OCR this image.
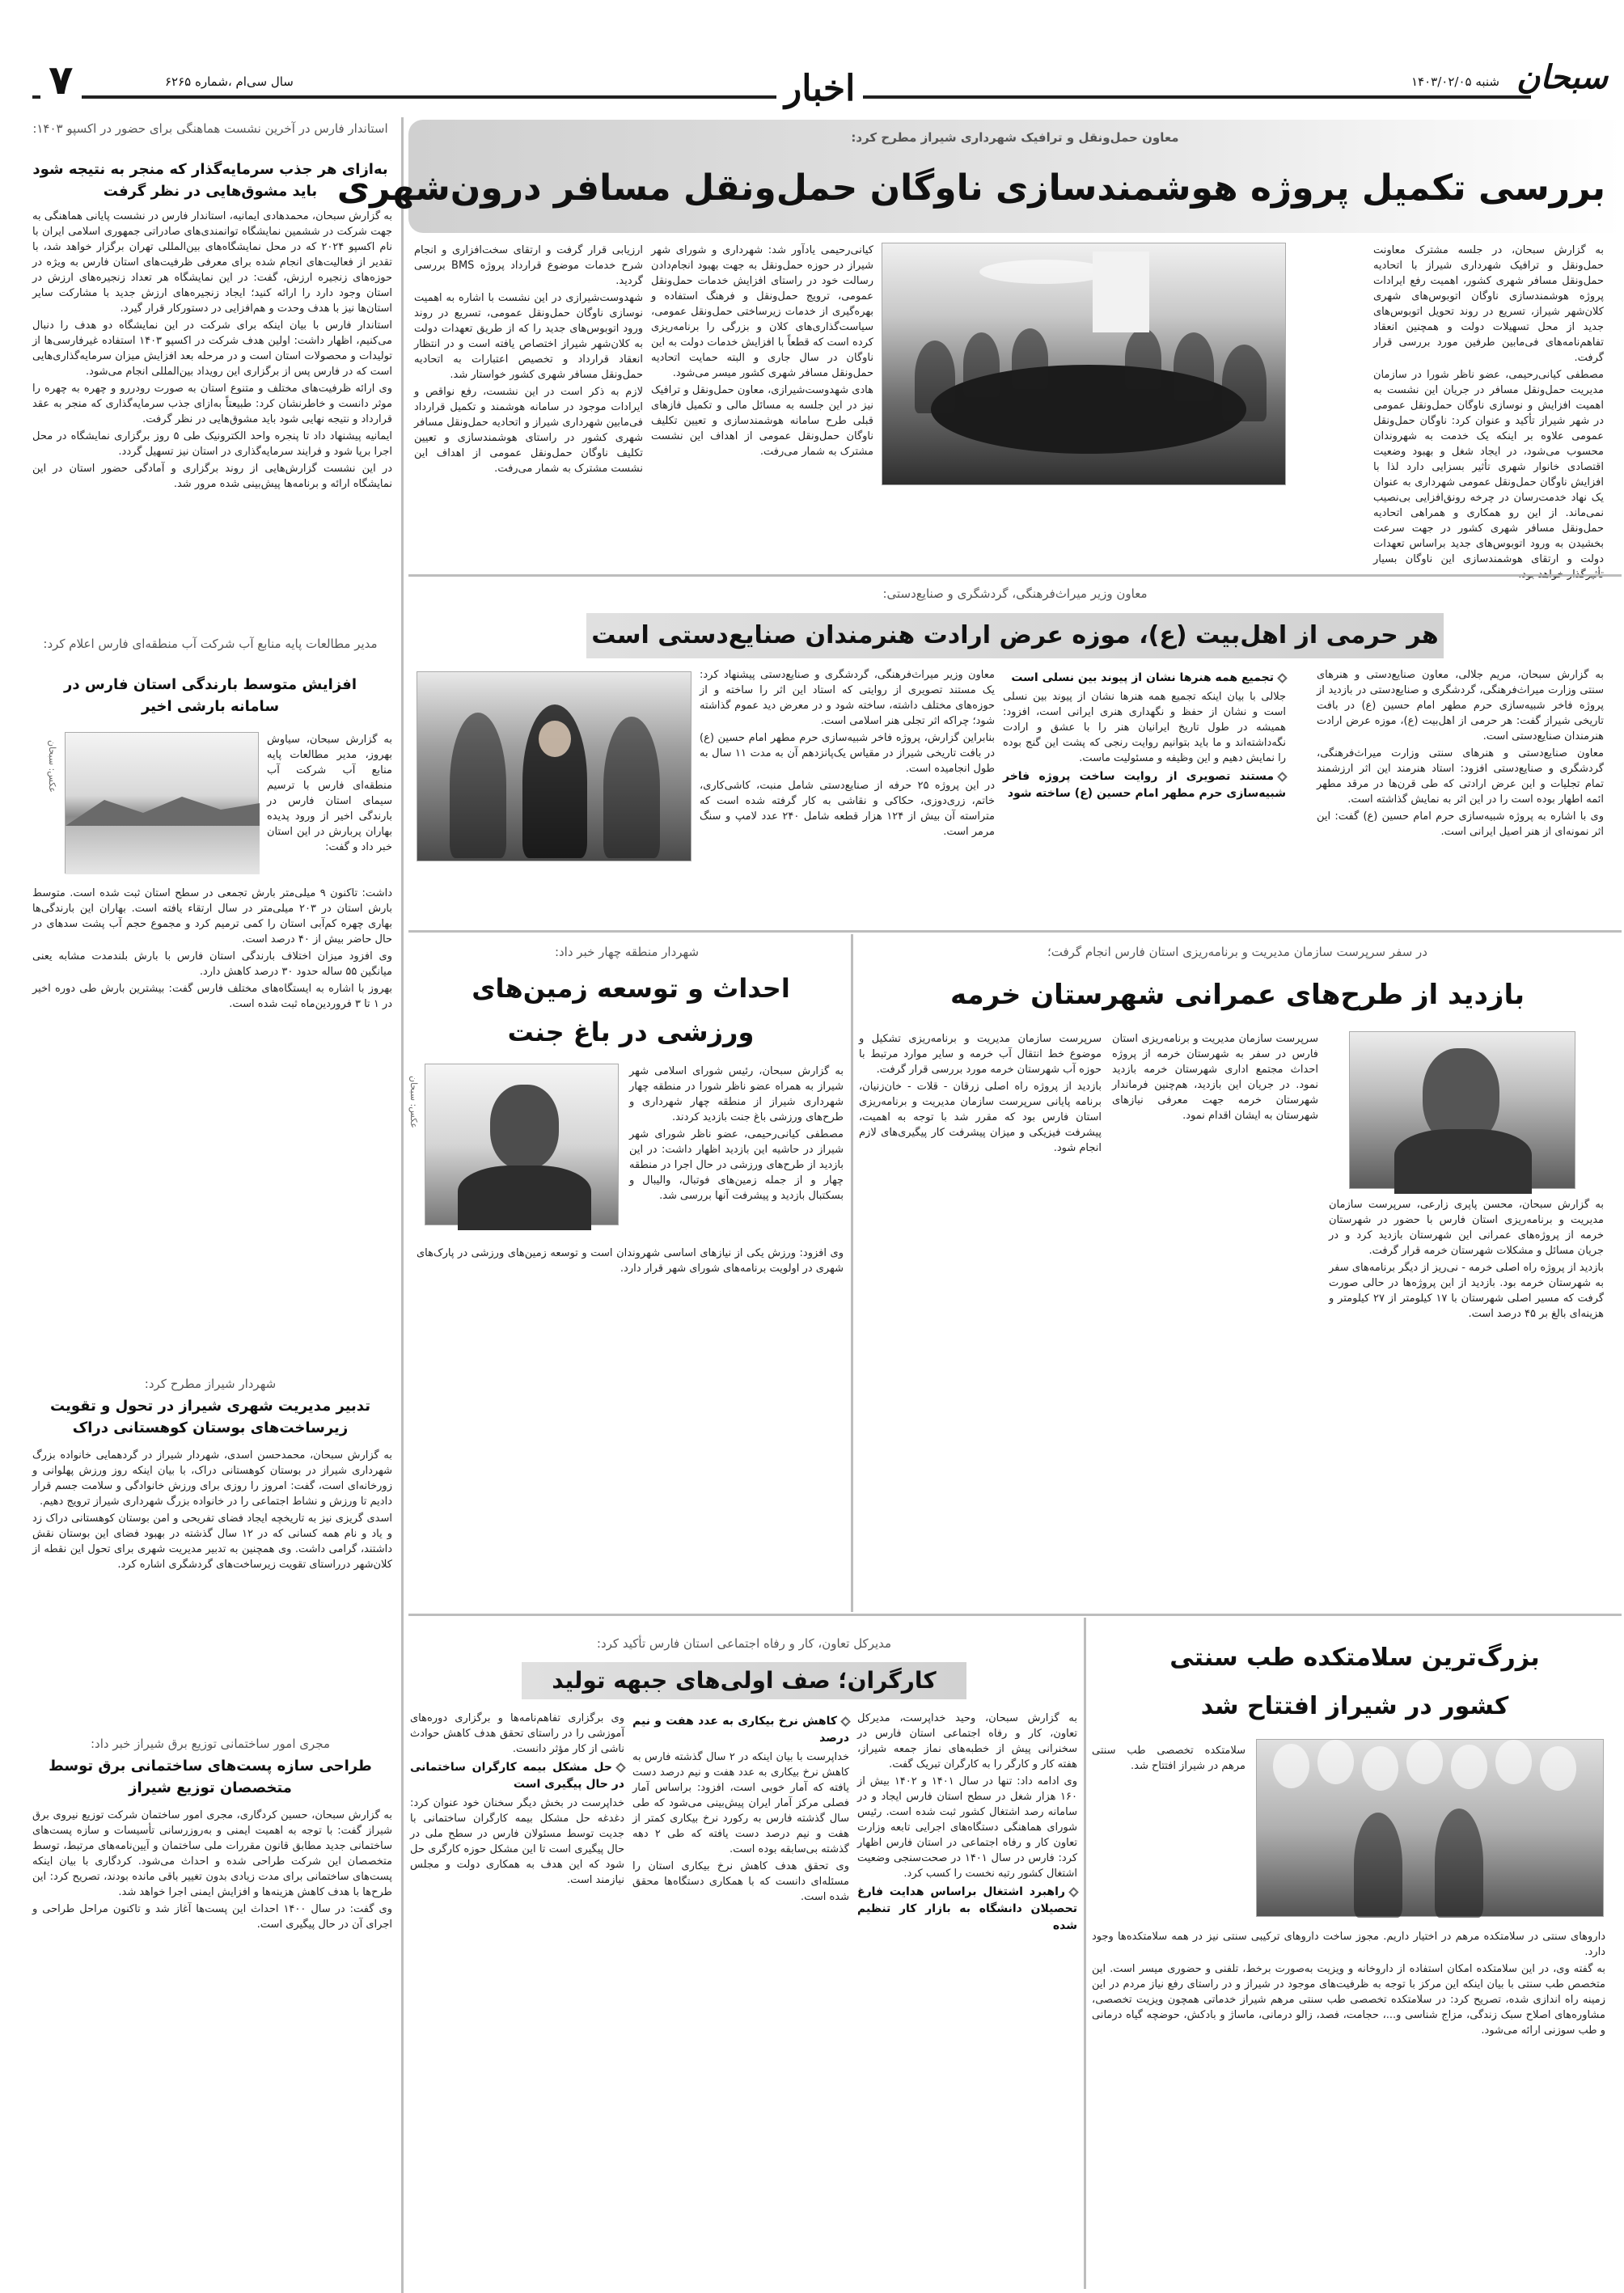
سبحان
شنبه ۱۴۰۳/۰۲/۰۵
اخبار
سال سی‌ام ،شماره ۶۲۶۵
۷
معاون حمل‌ونقل و ترافیک شهرداری شیراز مطرح کرد:
بررسی تکمیل پروژه هوشمندسازی ناوگان حمل‌ونقل مسافر درون‌شهری

به گزارش سبحان، در جلسه مشترک معاونت حمل‌ونقل و ترافیک شهرداری شیراز با اتحادیه حمل‌ونقل مسافر شهری کشور، اهمیت رفع ایرادات پروژه هوشمندسازی ناوگان اتوبوس‌های شهری کلان‌شهر شیراز، تسریع در روند تحویل اتوبوس‌های جدید از محل تسهیلات دولت و همچنین انعقاد تفاهم‌نامه‌های فی‌مابین طرفین مورد بررسی قرار گرفت.

مصطفی کیانی‌رحیمی، عضو ناظر شورا در سازمان مدیریت حمل‌ونقل مسافر در جریان این نشست به اهمیت افزایش و نوسازی ناوگان حمل‌ونقل عمومی در شهر شیراز تأکید و عنوان کرد: ناوگان حمل‌ونقل عمومی علاوه بر اینکه یک خدمت به شهروندان محسوب می‌شود، در ایجاد شغل و بهبود وضعیت اقتصادی خانوار شهری تأثیر بسزایی دارد لذا با افزایش ناوگان حمل‌ونقل عمومی شهرداری به عنوان یک نهاد خدمت‌رسان در چرخه رونق‌افزایی بی‌نصیب نمی‌ماند. از این رو همکاری و همراهی اتحادیه حمل‌ونقل مسافر شهری کشور در جهت سرعت بخشیدن به ورود اتوبوس‌های جدید براساس تعهدات دولت و ارتقای هوشمندسازی این ناوگان بسیار

کیانی‌رحیمی یادآور شد: شهرداری و شورای شهر شیراز در حوزه حمل‌ونقل به جهت بهبود انجام‌دادن رسالت خود در راستای افزایش خدمات حمل‌ونقل عمومی، ترویج حمل‌ونقل و فرهنگ استفاده و بهره‌گیری از خدمات زیرساختی حمل‌ونقل عمومی، سیاست‌گذاری‌های کلان و بزرگی را برنامه‌ریزی کرده است که قطعاً با افزایش خدمات دولت به این ناوگان در سال جاری و البته حمایت اتحادیه حمل‌ونقل مسافر شهری کشور میسر می‌شود.

هادی شهدوست‌شیرازی، معاون حمل‌ونقل و ترافیک نیز در این جلسه به مسائل مالی و تکمیل فازهای قبلی طرح سامانه هوشمندسازی و تعیین تکلیف ناوگان حمل‌ونقل عمومی از اهداف این نشست مشترک به شمار می‌رفت.

ارزیابی قرار گرفت و ارتقای سخت‌افزاری و انجام شرح خدمات موضوع قرارداد پروژه BMS بررسی گردید.

شهدوست‌شیرازی در این نشست با اشاره به اهمیت نوسازی ناوگان حمل‌ونقل عمومی، تسریع در روند ورود اتوبوس‌های جدید را که از طریق تعهدات دولت به کلان‌شهر شیراز اختصاص یافته است و در انتظار انعقاد قرارداد و تخصیص اعتبارات به اتحادیه حمل‌ونقل مسافر شهری کشور خواستار شد.

لازم به ذکر است در این نشست، رفع نواقص و ایرادات موجود در سامانه هوشمند و تکمیل قرارداد فی‌مابین شهرداری شیراز و اتحادیه حمل‌ونقل مسافر شهری کشور در راستای هوشمندسازی و تعیین تکلیف ناوگان حمل‌ونقل عمومی از اهداف این نشست مشترک به شمار می‌رفت.

معاون وزیر میراث‌فرهنگی، گردشگری و صنایع‌دستی:
هر حرمی از اهل‌بیت (ع)، موزه عرض ارادت هنرمندان صنایع‌دستی است

به گزارش سبحان، مریم جلالی، معاون صنایع‌دستی و هنرهای سنتی وزارت میراث‌فرهنگی، گردشگری و صنایع‌دستی در بازدید از پروژه فاخر شبیه‌سازی حرم مطهر امام حسین (ع) در بافت تاریخی شیراز گفت: هر حرمی از اهل‌بیت (ع)، موزه عرض ارادت هنرمندان صنایع‌دستی است.

معاون صنایع‌دستی و هنرهای سنتی وزارت میراث‌فرهنگی، گردشگری و صنایع‌دستی افزود: استاد هنرمند این اثر ارزشمند تمام تجلیات و این عرض ارادتی که طی قرن‌ها در مرقد مطهر ائمه اطهار بوده است را در این اثر به نمایش گذاشته است.

وی با اشاره به پروژه شبیه‌سازی حرم امام حسین (ع) گفت: این اثر نمونه‌ای از هنر اصیل ایرانی است.

تجمیع همه هنرها نشان از پیوند بین نسلی است

جلالی با بیان اینکه تجمیع همه هنرها نشان از پیوند بین نسلی است و نشان از حفظ و نگهداری هنری ایرانی است، افزود: همیشه در طول تاریخ ایرانیان هنر را با عشق و ارادت نگه‌داشته‌اند و ما باید بتوانیم روایت رنجی که پشت این گنج بوده را نمایش دهیم و این وظیفه و مسئولیت ماست.

مستند تصویری از روایت ساخت پروژه فاخر شبیه‌سازی حرم مطهر امام حسین (ع) ساخته شود

معاون وزیر میراث‌فرهنگی، گردشگری و صنایع‌دستی پیشنهاد کرد: یک مستند تصویری از روایتی که استاد این اثر را ساخته و از حوزه‌های مختلف داشته، ساخته شود و در معرض دید عموم گذاشته شود؛ چراکه اثر تجلی هنر اسلامی است.

بنابراین گزارش، پروژه فاخر شبیه‌سازی حرم مطهر امام حسین (ع) در بافت تاریخی شیراز در مقیاس یک‌پانزدهم آن به مدت ۱۱ سال به طول انجامیده است.

در این پروژه ۲۵ حرفه از صنایع‌دستی شامل منبت، کاشی‌کاری، خاتم، زری‌دوزی، حکاکی و نقاشی به کار گرفته شده است که متراسته آن بیش از ۱۲۴ هزار قطعه شامل ۲۴۰ عدد لامپ و سنگ مرمر است.

در سفر سرپرست سازمان مدیریت و برنامه‌ریزی استان فارس انجام گرفت؛
بازدید از طرح‌های عمرانی شهرستان خرمه

به گزارش سبحان، محسن پاپری زارعی، سرپرست سازمان مدیریت و برنامه‌ریزی استان فارس با حضور در شهرستان خرمه از پروژه‌های عمرانی این شهرستان بازدید کرد و در جریان مسائل و مشکلات شهرستان خرمه قرار گرفت.

بازدید از پروژه راه اصلی خرمه - نی‌ریز از دیگر برنامه‌های سفر به شهرستان خرمه بود. بازدید از این پروژه‌ها در حالی صورت گرفت که مسیر اصلی شهرستان با ۱۷ کیلومتر از ۲۷ کیلومتر و هزینه‌ای بالغ بر ۴۵ درصد است.

سرپرست سازمان مدیریت و برنامه‌ریزی استان فارس در سفر به شهرستان خرمه از پروژه احداث مجتمع اداری شهرستان خرمه بازدید نمود. در جریان این بازدید، هم‌چنین فرماندار شهرستان خرمه جهت معرفی نیازهای شهرستان به ایشان اقدام نمود.

سرپرست سازمان مدیریت و برنامه‌ریزی تشکیل و موضوع خط انتقال آب خرمه و سایر موارد مرتبط با حوزه آب شهرستان خرمه مورد بررسی قرار گرفت.

بازدید از پروژه راه اصلی زرقان - قلات - خان‌زنیان، برنامه پایانی سرپرست سازمان مدیریت و برنامه‌ریزی استان فارس بود که مقرر شد با توجه به اهمیت، پیشرفت فیزیکی و میزان پیشرفت کار پیگیری‌های لازم انجام شود.

شهردار منطقه چهار خبر داد:
احداث و توسعه زمین‌های ورزشی در باغ جنت
عکس: سبحان

به گزارش سبحان، رئیس شورای اسلامی شهر شیراز به همراه عضو ناظر شورا در منطقه چهار شهرداری شیراز از منطقه چهار شهرداری و طرح‌های ورزشی باغ جنت بازدید کردند.

مصطفی کیانی‌رحیمی، عضو ناظر شورای شهر شیراز در حاشیه این بازدید اظهار داشت: در این بازدید از طرح‌های ورزشی در حال اجرا در منطقه چهار و از جمله زمین‌های فوتبال، والیبال و بسکتبال بازدید و پیشرفت آنها بررسی شد.

وی افزود: ورزش یکی از نیازهای اساسی شهروندان است و توسعه زمین‌های ورزشی در پارک‌های شهری در اولویت برنامه‌های شورای شهر قرار دارد.

بزرگ‌ترین سلامتکده طب سنتی کشور در شیراز افتتاح شد

سلامتکده تخصصی طب سنتی مرهم در شیراز افتتاح شد.

داروهای سنتی در سلامتکده مرهم در اختیار داریم. مجوز ساخت داروهای ترکیبی سنتی نیز در همه سلامتکده‌ها وجود دارد.

به گفته وی، در این سلامتکده امکان استفاده از داروخانه و ویزیت به‌صورت برخط، تلفنی و حضوری میسر است. این متخصص طب سنتی با بیان اینکه این مرکز با توجه به ظرفیت‌های موجود در شیراز و در راستای رفع نیاز مردم در این زمینه راه اندازی شده، تصریح کرد: در سلامتکده تخصصی طب سنتی مرهم شیراز خدماتی همچون ویزیت تخصصی، مشاوره‌های اصلاح سبک زندگی، مزاج شناسی و...، حجامت، فصد، زالو درمانی، ماساژ و بادکش، حوضچه گیاه درمانی و طب سوزنی ارائه می‌شود.

مدیرکل تعاون، کار و رفاه اجتماعی استان فارس تأکید کرد:
کارگران؛ صف اولی‌های جبهه تولید

به گزارش سبحان، وحید خداپرست، مدیرکل تعاون، کار و رفاه اجتماعی استان فارس در سخنرانی پیش از خطبه‌های نماز جمعه شیراز، هفته کار و کارگر را به کارگران تبریک گفت.

وی ادامه داد: تنها در سال ۱۴۰۱ و ۱۴۰۲ بیش از ۱۶۰ هزار شغل در سطح استان فارس ایجاد و در سامانه رصد اشتغال کشور ثبت شده است. رئیس شورای هماهنگی دستگاه‌های اجرایی تابعه وزارت تعاون کار و رفاه اجتماعی در استان فارس اظهار کرد: فارس در سال ۱۴۰۱ در صحت‌سنجی وضعیت اشتغال کشور رتبه نخست را کسب کرد.

راهبرد اشتغال براساس هدایت فارغ تحصیلان دانشگاه به بازار کار تنظیم شده
کاهش نرخ بیکاری به عدد هفت و نیم درصد

خداپرست با بیان اینکه در ۲ سال گذشته فارس به کاهش نرخ بیکاری به عدد هفت و نیم درصد دست یافته که آمار خوبی است، افزود: براساس آمار فصلی مرکز آمار ایران پیش‌بینی می‌شود که طی سال گذشته فارس به رکورد نرخ بیکاری کمتر از هفت و نیم درصد دست یافته که طی ۲ دهه گذشته بی‌سابقه بوده است.

وی تحقق هدف کاهش نرخ بیکاری استان را مسئله‌ای دانست که با همکاری دستگاه‌ها محقق شده است.

وی برگزاری تفاهم‌نامه‌ها و برگزاری دوره‌های آموزشی را در راستای تحقق هدف کاهش حوادث ناشی از کار مؤثر دانست.

حل مشکل بیمه کارگران ساختمانی در حال پیگیری است

خداپرست در بخش دیگر سخنان خود عنوان کرد: دغدغه حل مشکل بیمه کارگران ساختمانی با جدیت توسط مسئولان فارس در سطح ملی در حال پیگیری است تا این مشکل حوزه کارگری حل شود که این هدف به همکاری دولت و مجلس نیازمند است.

استاندار فارس در آخرین نشست هماهنگی برای حضور در اکسپو ۱۴۰۳:
به‌ازای هر جذب سرمایه‌گذار که منجر به نتیجه شود باید مشوق‌هایی در نظر گرفت

به گزارش سبحان، محمدهادی ایمانیه، استاندار فارس در نشست پایانی هماهنگی به جهت شرکت در ششمین نمایشگاه توانمندی‌های صادراتی جمهوری اسلامی ایران با نام اکسپو ۲۰۲۴ که در محل نمایشگاه‌های بین‌المللی تهران برگزار خواهد شد، با تقدیر از فعالیت‌های انجام شده برای معرفی ظرفیت‌های استان فارس به ویژه در حوزه‌های زنجیره ارزش، گفت: در این نمایشگاه هر تعداد زنجیره‌های ارزش در استان وجود دارد را ارائه کنید؛ ایجاد زنجیره‌های ارزش جدید با مشارکت سایر استان‌ها نیز با هدف وحدت و هم‌افزایی در دستورکار قرار گیرد.

استاندار فارس با بیان اینکه برای شرکت در این نمایشگاه دو هدف را دنبال می‌کنیم، اظهار داشت: اولین هدف شرکت در اکسپو ۱۴۰۳ استفاده غیرفارسی‌ها از تولیدات و محصولات استان است و در مرحله بعد افزایش میزان سرمایه‌گذاری‌هایی است که در فارس پس از برگزاری این رویداد بین‌المللی انجام می‌شود.

وی ارائه ظرفیت‌های مختلف و متنوع استان به صورت رودررو و چهره به چهره را موثر دانست و خاطرنشان کرد: طبیعتاً به‌ازای جذب سرمایه‌گذاری که منجر به عقد قرارداد و نتیجه نهایی شود باید مشوق‌هایی در نظر گرفت.

ایمانیه پیشنهاد داد تا پنجره واحد الکترونیک طی ۵ روز برگزاری نمایشگاه در محل اجرا برپا شود و فرایند سرمایه‌گذاری در استان نیز تسهیل گردد.

در این نشست گزارش‌هایی از روند برگزاری و آمادگی حضور استان در این نمایشگاه ارائه و برنامه‌ها پیش‌بینی شده مرور شد.

مدیر مطالعات پایه منابع آب شرکت آب منطقه‌ای فارس اعلام کرد:
افزایش متوسط بارندگی استان فارس در سامانه بارشی اخیر
عکس: سبحان

به گزارش سبحان، سیاوش بهروز، مدیر مطالعات پایه منابع آب شرکت آب منطقه‌ای فارس با ترسیم سیمای استان فارس در بارندگی اخیر از ورود پدیده بهاران پربارش در این استان خبر داد و گفت:

داشت: تاکنون ۹ میلی‌متر بارش تجمعی در سطح استان ثبت شده است. متوسط بارش استان در ۲۰۳ میلی‌متر در سال ارتقاء یافته است. بهاران این بارندگی‌ها بهاری چهره کم‌آبی استان را کمی ترمیم کرد و مجموع حجم آب پشت سدهای در حال حاضر بیش از ۴۰ درصد است.

وی افزود میزان اختلاف بارندگی استان فارس با بارش بلندمدت مشابه یعنی میانگین ۵۵ ساله حدود ۳۰ درصد کاهش دارد.

بهروز با اشاره به ایستگاه‌های مختلف فارس گفت: بیشترین بارش طی دوره اخیر در ۱ تا ۳ فروردین‌ماه ثبت شده است.

شهردار شیراز مطرح کرد:
تدبیر مدیریت شهری شیراز در تحول و تقویت زیرساخت‌های بوستان کوهستانی دراک

به گزارش سبحان، محمدحسن اسدی، شهردار شیراز در گردهمایی خانواده بزرگ شهرداری شیراز در بوستان کوهستانی دراک، با بیان اینکه روز ورزش پهلوانی و زورخانه‌ای است، گفت: امروز را روزی برای ورزش خانوادگی و سلامت جسم قرار دادیم تا ورزش و نشاط اجتماعی را در خانواده بزرگ شهرداری شیراز ترویج دهیم.

اسدی گریزی نیز به تاریخچه ایجاد فضای تفریحی و امن بوستان کوهستانی دراک زد و یاد و نام همه کسانی که در ۱۲ سال گذشته در بهبود فضای این بوستان نقش داشتند، گرامی داشت. وی همچنین به تدبیر مدیریت شهری برای تحول این نقطه از کلان‌شهر درراستای تقویت زیرساخت‌های گردشگری اشاره کرد.

مجری امور ساختمانی توزیع برق شیراز خبر داد:
طراحی سازه پست‌های ساختمانی برق توسط متخصصان توزیع شیراز

به گزارش سبحان، حسین کردگاری، مجری امور ساختمان شرکت توزیع نیروی برق شیراز گفت: با توجه به اهمیت ایمنی و به‌روزرسانی تأسیسات و سازه پست‌های ساختمانی جدید مطابق قانون مقررات ملی ساختمان و آیین‌نامه‌های مرتبط، توسط متخصصان این شرکت طراحی شده و احداث می‌شود. کردگاری با بیان اینکه پست‌های ساختمانی برای مدت زیادی بدون تغییر باقی مانده بودند، تصریح کرد: این طرح‌ها با هدف کاهش هزینه‌ها و افزایش ایمنی اجرا خواهد شد.

وی گفت: در سال ۱۴۰۰ احداث این پست‌ها آغاز شد و تاکنون مراحل طراحی و اجرای آن در حال پیگیری است.
